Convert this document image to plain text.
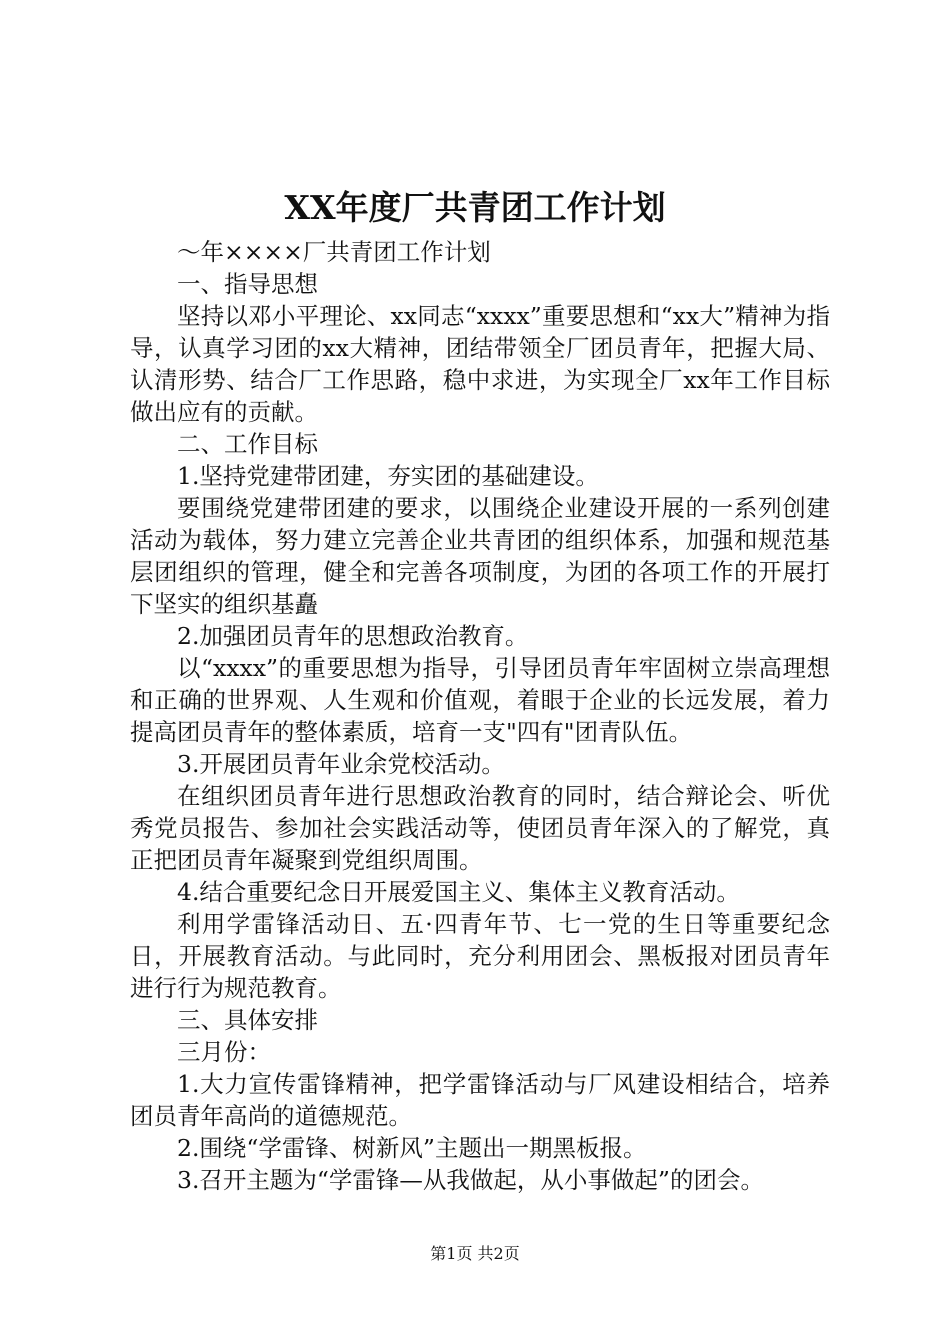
XX年度厂共青团工作计划

～年××××厂共青团工作计划

一、指导思想

坚持以邓小平理论、xx同志“xxxx”重要思想和“xx大”精神为指导，认真学习团的xx大精神，团结带领全厂团员青年，把握大局、认清形势、结合厂工作思路，稳中求进，为实现全厂xx年工作目标做出应有的贡献。

二、工作目标

1.坚持党建带团建，夯实团的基础建设。

要围绕党建带团建的要求，以围绕企业建设开展的一系列创建活动为载体，努力建立完善企业共青团的组织体系，加强和规范基层团组织的管理，健全和完善各项制度，为团的各项工作的开展打下坚实的组织基矗

2.加强团员青年的思想政治教育。

以“xxxx”的重要思想为指导，引导团员青年牢固树立崇高理想和正确的世界观、人生观和价值观，着眼于企业的长远发展，着力提高团员青年的整体素质，培育一支"四有"团青队伍。

3.开展团员青年业余党校活动。

在组织团员青年进行思想政治教育的同时，结合辩论会、听优秀党员报告、参加社会实践活动等，使团员青年深入的了解党，真正把团员青年凝聚到党组织周围。

4.结合重要纪念日开展爱国主义、集体主义教育活动。

利用学雷锋活动日、五·四青年节、七一党的生日等重要纪念日，开展教育活动。与此同时，充分利用团会、黑板报对团员青年进行行为规范教育。

三、具体安排

三月份：

1.大力宣传雷锋精神，把学雷锋活动与厂风建设相结合，培养团员青年高尚的道德规范。

2.围绕“学雷锋、树新风”主题出一期黑板报。

3.召开主题为“学雷锋—从我做起，从小事做起”的团会。

第1页 共2页
